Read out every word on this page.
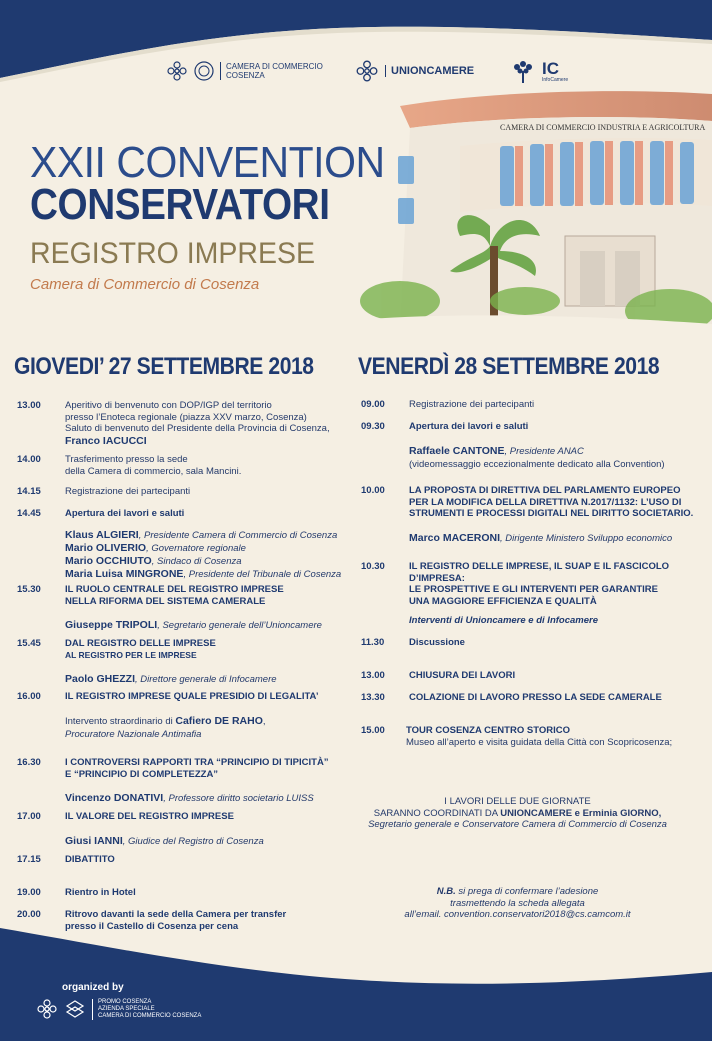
CAMERA DI COMMERCIO
COSENZA	UNIONCAMERE	IC
InfoCamere
CAMERA DI COMMERCIO INDUSTRIA E AGRICOLTURA
XXII CONVENTION
CONSERVATORI
REGISTRO IMPRESE
Camera di Commercio di Cosenza
GIOVEDI’ 27 SETTEMBRE 2018 VENERDÌ 28 SETTEMBRE 2018
13.00	Aperitivo di benvenuto con DOP/IGP del territorio
presso l’Enoteca regionale (piazza XXV marzo, Cosenza)
Saluto di benvenuto del Presidente della Provincia di Cosenza,
Franco IACUCCI
14.00	Trasferimento presso la sede
della Camera di commercio, sala Mancini.
14.15	Registrazione dei partecipanti
14.45	Apertura dei lavori e saluti
Klaus ALGIERI, Presidente Camera di Commercio di Cosenza
Mario OLIVERIO, Governatore regionale
Mario OCCHIUTO, Sindaco di Cosenza
Maria Luisa MINGRONE, Presidente del Tribunale di Cosenza
15.30	IL RUOLO CENTRALE DEL REGISTRO IMPRESE
NELLA RIFORMA DEL SISTEMA CAMERALE
Giuseppe TRIPOLI, Segretario generale dell’Unioncamere
15.45	DAL REGISTRO DELLE IMPRESE
AL REGISTRO PER LE IMPRESE
Paolo GHEZZI, Direttore generale di Infocamere
16.00	IL REGISTRO IMPRESE QUALE PRESIDIO DI LEGALITA’
Intervento straordinario di Cafiero DE RAHO,
Procuratore Nazionale Antimafia
16.30	I CONTROVERSI RAPPORTI TRA “PRINCIPIO DI TIPICITÀ”
E “PRINCIPIO DI COMPLETEZZA”
Vincenzo DONATIVI, Professore diritto societario LUISS
17.00	IL VALORE DEL REGISTRO IMPRESE
Giusi IANNI, Giudice del Registro di Cosenza
17.15	DIBATTITO
19.00	Rientro in Hotel
20.00	Ritrovo davanti la sede della Camera per transfer
presso il Castello di Cosenza per cena
09.00	Registrazione dei partecipanti
09.30	Apertura dei lavori e saluti
Raffaele CANTONE, Presidente ANAC
(videomessaggio eccezionalmente dedicato alla Convention)
10.00	LA PROPOSTA DI DIRETTIVA DEL PARLAMENTO EUROPEO
PER LA MODIFICA DELLA DIRETTIVA N.2017/1132: L’USO DI
STRUMENTI E PROCESSI DIGITALI NEL DIRITTO SOCIETARIO.
Marco MACERONI, Dirigente Ministero Sviluppo economico
10.30	IL REGISTRO DELLE IMPRESE, IL SUAP E IL FASCICOLO D’IMPRESA:
LE PROSPETTIVE E GLI INTERVENTI PER GARANTIRE
UNA MAGGIORE EFFICIENZA E QUALITÀ
Interventi di Unioncamere e di Infocamere
11.30	Discussione
13.00	CHIUSURA DEI LAVORI
13.30	COLAZIONE DI LAVORO PRESSO LA SEDE CAMERALE
15.00 TOUR COSENZA CENTRO STORICO
Museo all’aperto e visita guidata della Città con Scopricosenza;
I LAVORI DELLE DUE GIORNATE
SARANNO COORDINATI DA UNIONCAMERE e Erminia GIORNO,
Segretario generale e Conservatore Camera di Commercio di Cosenza
N.B. si prega di confermare l’adesione
trasmettendo la scheda allegata
all’email. convention.conservatori2018@cs.camcom.it
organized by
PROMO COSENZA
AZIENDA SPECIALE
CAMERA DI COMMERCIO COSENZA
